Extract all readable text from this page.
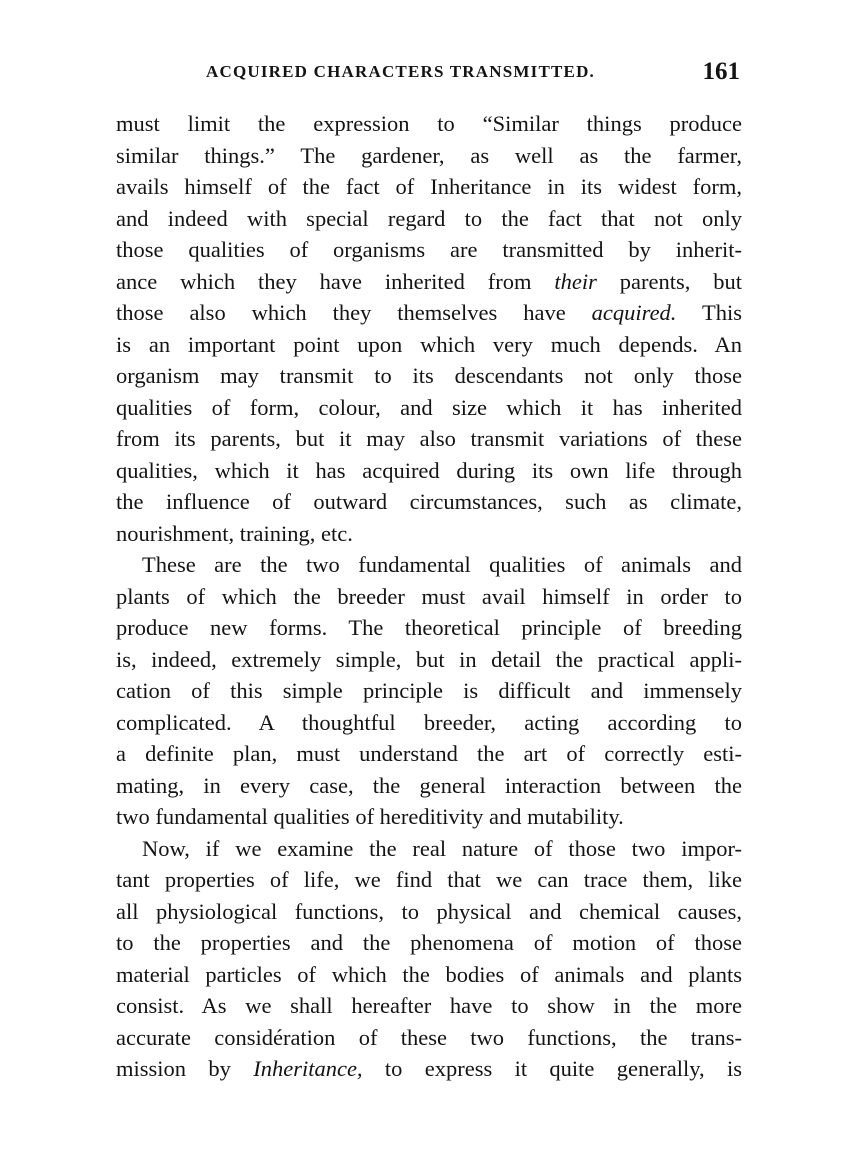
ACQUIRED CHARACTERS TRANSMITTED.	161
must limit the expression to “Similar things produce
similar things.” The gardener, as well as the farmer,
avails himself of the fact of Inheritance in its widest form,
and indeed with special regard to the fact that not only
those qualities of organisms are transmitted by inherit-
ance which they have inherited from their parents, but
those also which they themselves have acquired. This
is an important point upon which very much depends. An
organism may transmit to its descendants not only those
qualities of form, colour, and size which it has inherited
from its parents, but it may also transmit variations of these
qualities, which it has acquired during its own life through
the influence of outward circumstances, such as climate,
nourishment, training, etc.
These are the two fundamental qualities of animals and
plants of which the breeder must avail himself in order to
produce new forms. The theoretical principle of breeding
is, indeed, extremely simple, but in detail the practical appli-
cation of this simple principle is difficult and immensely
complicated. A thoughtful breeder, acting according to
a definite plan, must understand the art of correctly esti-
mating, in every case, the general interaction between the
two fundamental qualities of hereditivity and mutability.
Now, if we examine the real nature of those two impor-
tant properties of life, we find that we can trace them, like
all physiological functions, to physical and chemical causes,
to the properties and the phenomena of motion of those
material particles of which the bodies of animals and plants
consist. As we shall hereafter have to show in the more
accurate considération of these two functions, the trans-
mission by Inheritance, to express it quite generally, is
